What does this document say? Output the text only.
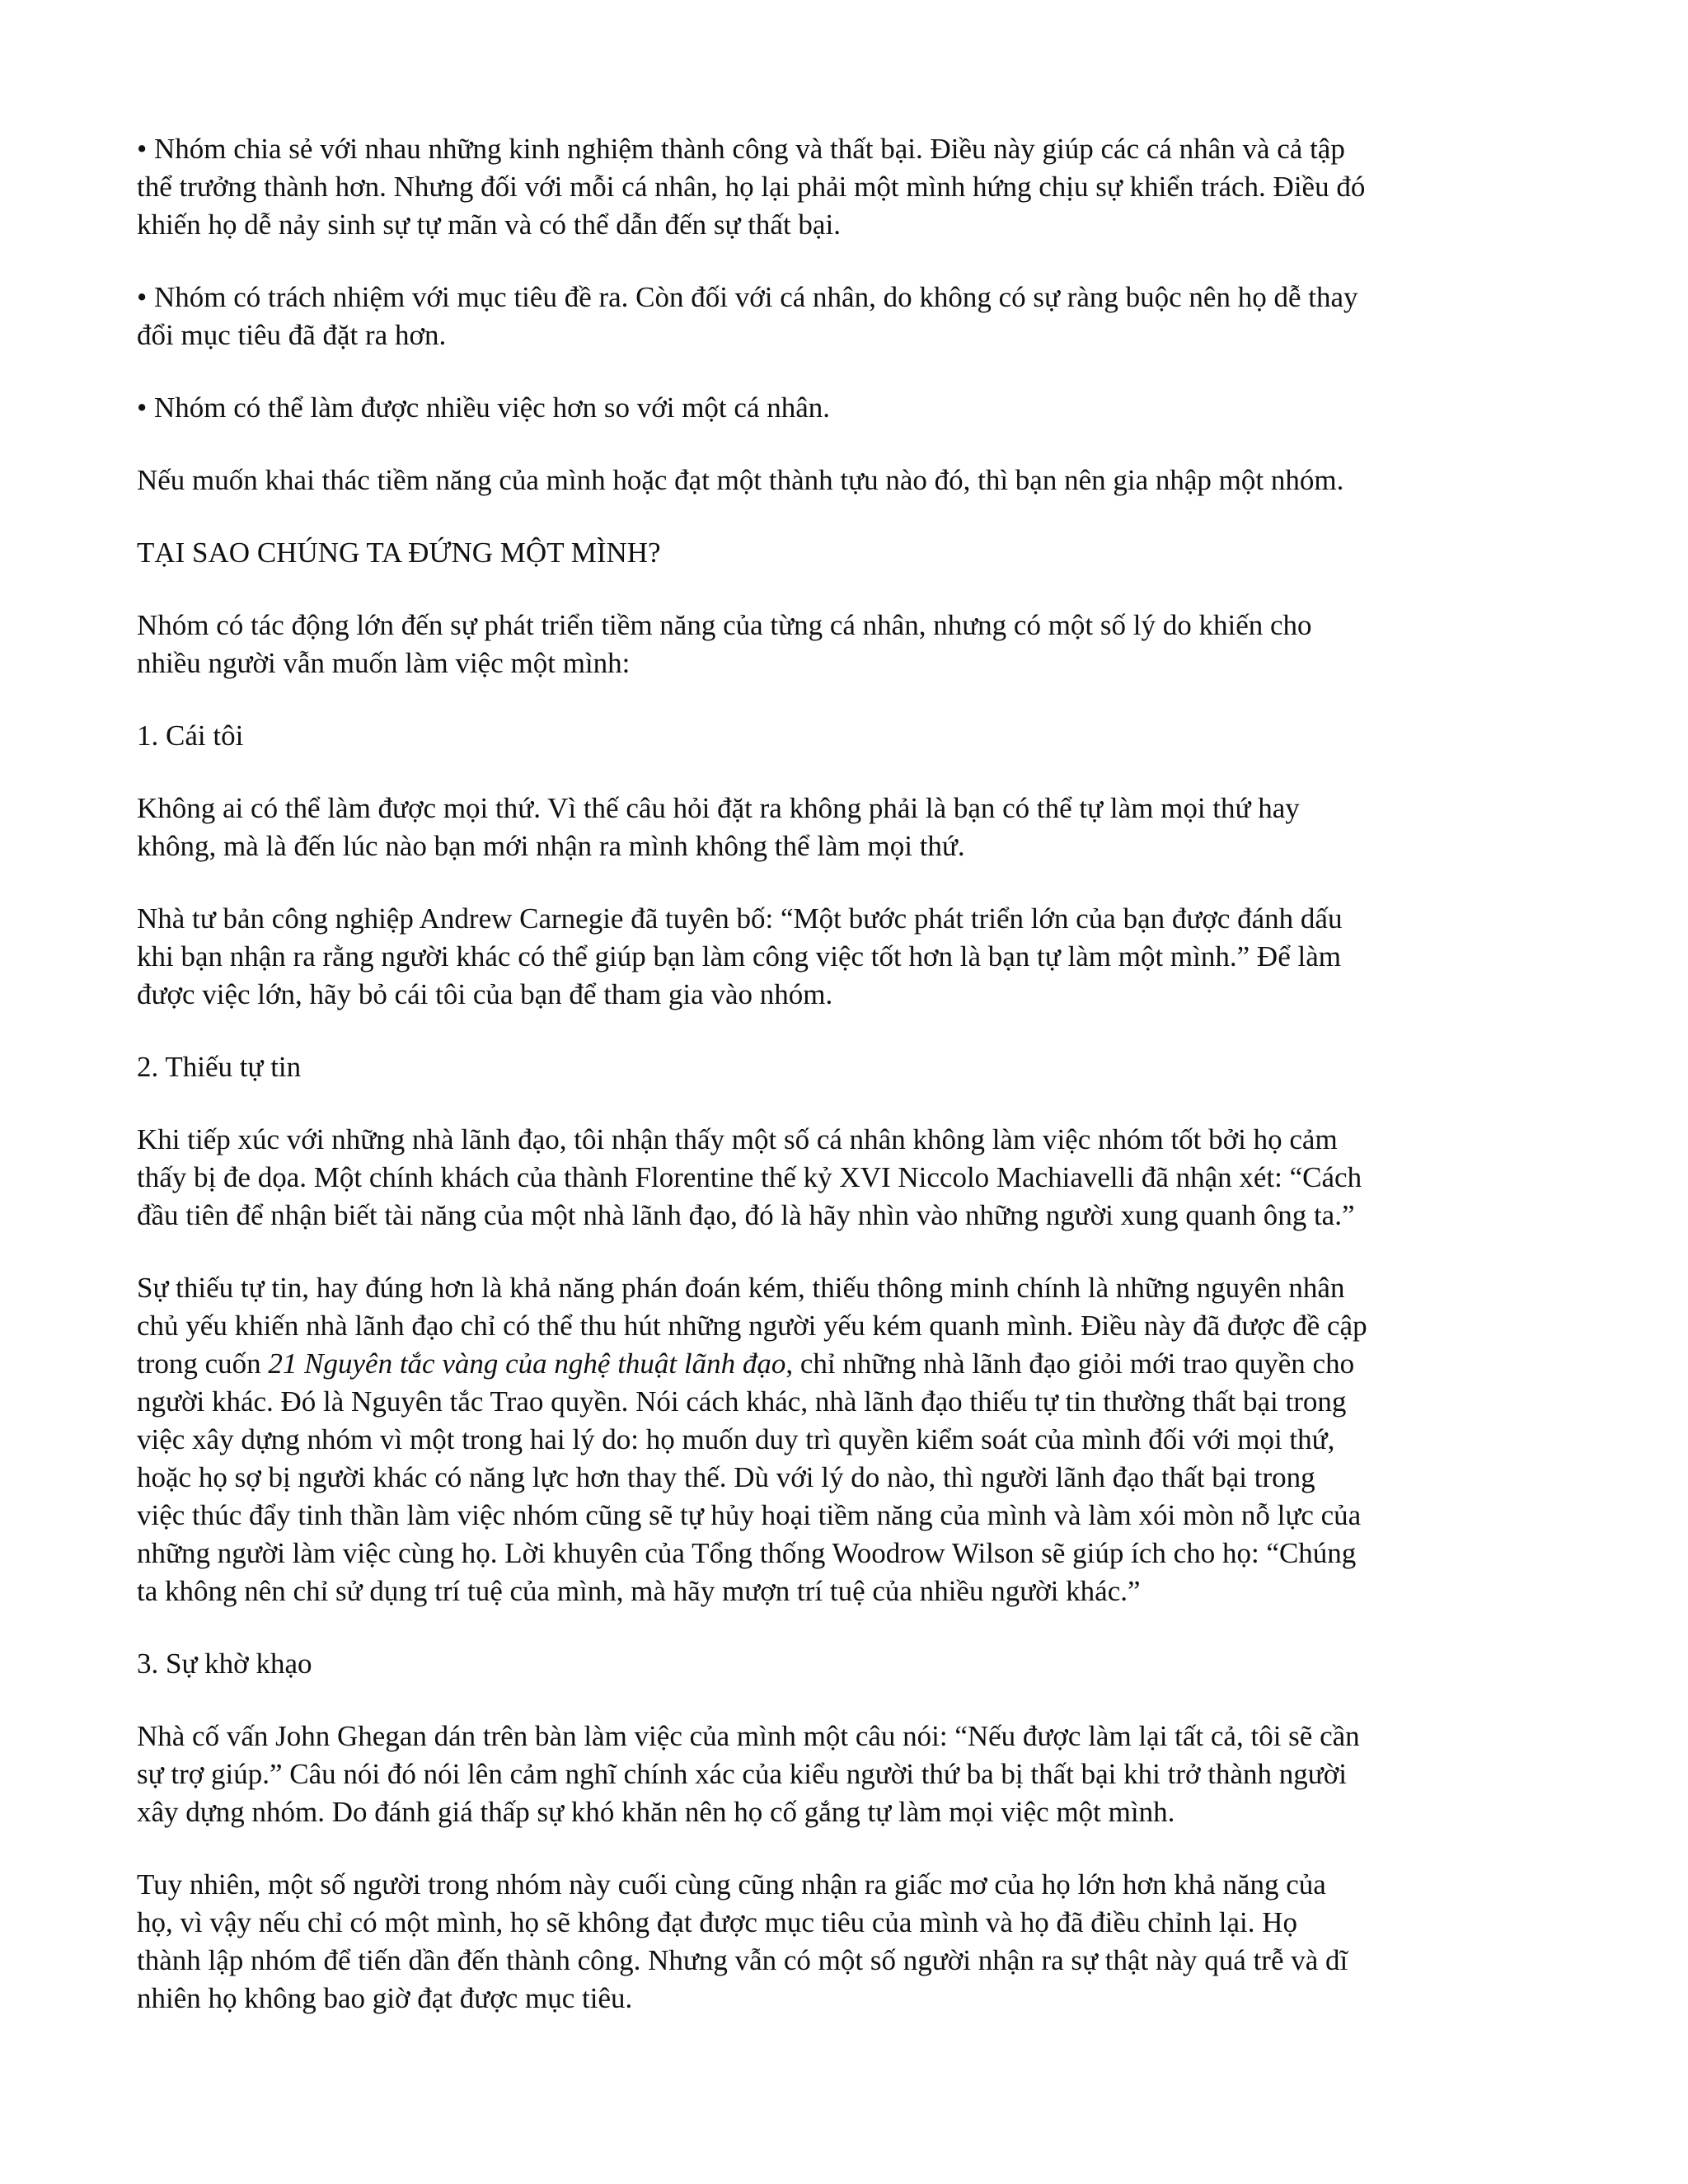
• Nhóm chia sẻ với nhau những kinh nghiệm thành công và thất bại. Điều này giúp các cá nhân và cả tập
thể trưởng thành hơn. Nhưng đối với mỗi cá nhân, họ lại phải một mình hứng chịu sự khiển trách. Điều đó
khiến họ dễ nảy sinh sự tự mãn và có thể dẫn đến sự thất bại.

• Nhóm có trách nhiệm với mục tiêu đề ra. Còn đối với cá nhân, do không có sự ràng buộc nên họ dễ thay
đổi mục tiêu đã đặt ra hơn.

• Nhóm có thể làm được nhiều việc hơn so với một cá nhân.

Nếu muốn khai thác tiềm năng của mình hoặc đạt một thành tựu nào đó, thì bạn nên gia nhập một nhóm.

TẠI SAO CHÚNG TA ĐỨNG MỘT MÌNH?

Nhóm có tác động lớn đến sự phát triển tiềm năng của từng cá nhân, nhưng có một số lý do khiến cho
nhiều người vẫn muốn làm việc một mình:

1. Cái tôi

Không ai có thể làm được mọi thứ. Vì thế câu hỏi đặt ra không phải là bạn có thể tự làm mọi thứ hay
không, mà là đến lúc nào bạn mới nhận ra mình không thể làm mọi thứ.

Nhà tư bản công nghiệp Andrew Carnegie đã tuyên bố: “Một bước phát triển lớn của bạn được đánh dấu
khi bạn nhận ra rằng người khác có thể giúp bạn làm công việc tốt hơn là bạn tự làm một mình.” Để làm
được việc lớn, hãy bỏ cái tôi của bạn để tham gia vào nhóm.

2. Thiếu tự tin

Khi tiếp xúc với những nhà lãnh đạo, tôi nhận thấy một số cá nhân không làm việc nhóm tốt bởi họ cảm
thấy bị đe dọa. Một chính khách của thành Florentine thế kỷ XVI Niccolo Machiavelli đã nhận xét: “Cách
đầu tiên để nhận biết tài năng của một nhà lãnh đạo, đó là hãy nhìn vào những người xung quanh ông ta.”

Sự thiếu tự tin, hay đúng hơn là khả năng phán đoán kém, thiếu thông minh chính là những nguyên nhân
chủ yếu khiến nhà lãnh đạo chỉ có thể thu hút những người yếu kém quanh mình. Điều này đã được đề cập
trong cuốn 21 Nguyên tắc vàng của nghệ thuật lãnh đạo, chỉ những nhà lãnh đạo giỏi mới trao quyền cho
người khác. Đó là Nguyên tắc Trao quyền. Nói cách khác, nhà lãnh đạo thiếu tự tin thường thất bại trong
việc xây dựng nhóm vì một trong hai lý do: họ muốn duy trì quyền kiểm soát của mình đối với mọi thứ,
hoặc họ sợ bị người khác có năng lực hơn thay thế. Dù với lý do nào, thì người lãnh đạo thất bại trong
việc thúc đẩy tinh thần làm việc nhóm cũng sẽ tự hủy hoại tiềm năng của mình và làm xói mòn nỗ lực của
những người làm việc cùng họ. Lời khuyên của Tổng thống Woodrow Wilson sẽ giúp ích cho họ: “Chúng
ta không nên chỉ sử dụng trí tuệ của mình, mà hãy mượn trí tuệ của nhiều người khác.”

3. Sự khờ khạo

Nhà cố vấn John Ghegan dán trên bàn làm việc của mình một câu nói: “Nếu được làm lại tất cả, tôi sẽ cần
sự trợ giúp.” Câu nói đó nói lên cảm nghĩ chính xác của kiểu người thứ ba bị thất bại khi trở thành người
xây dựng nhóm. Do đánh giá thấp sự khó khăn nên họ cố gắng tự làm mọi việc một mình.

Tuy nhiên, một số người trong nhóm này cuối cùng cũng nhận ra giấc mơ của họ lớn hơn khả năng của
họ, vì vậy nếu chỉ có một mình, họ sẽ không đạt được mục tiêu của mình và họ đã điều chỉnh lại. Họ
thành lập nhóm để tiến dần đến thành công. Nhưng vẫn có một số người nhận ra sự thật này quá trễ và dĩ
nhiên họ không bao giờ đạt được mục tiêu.
